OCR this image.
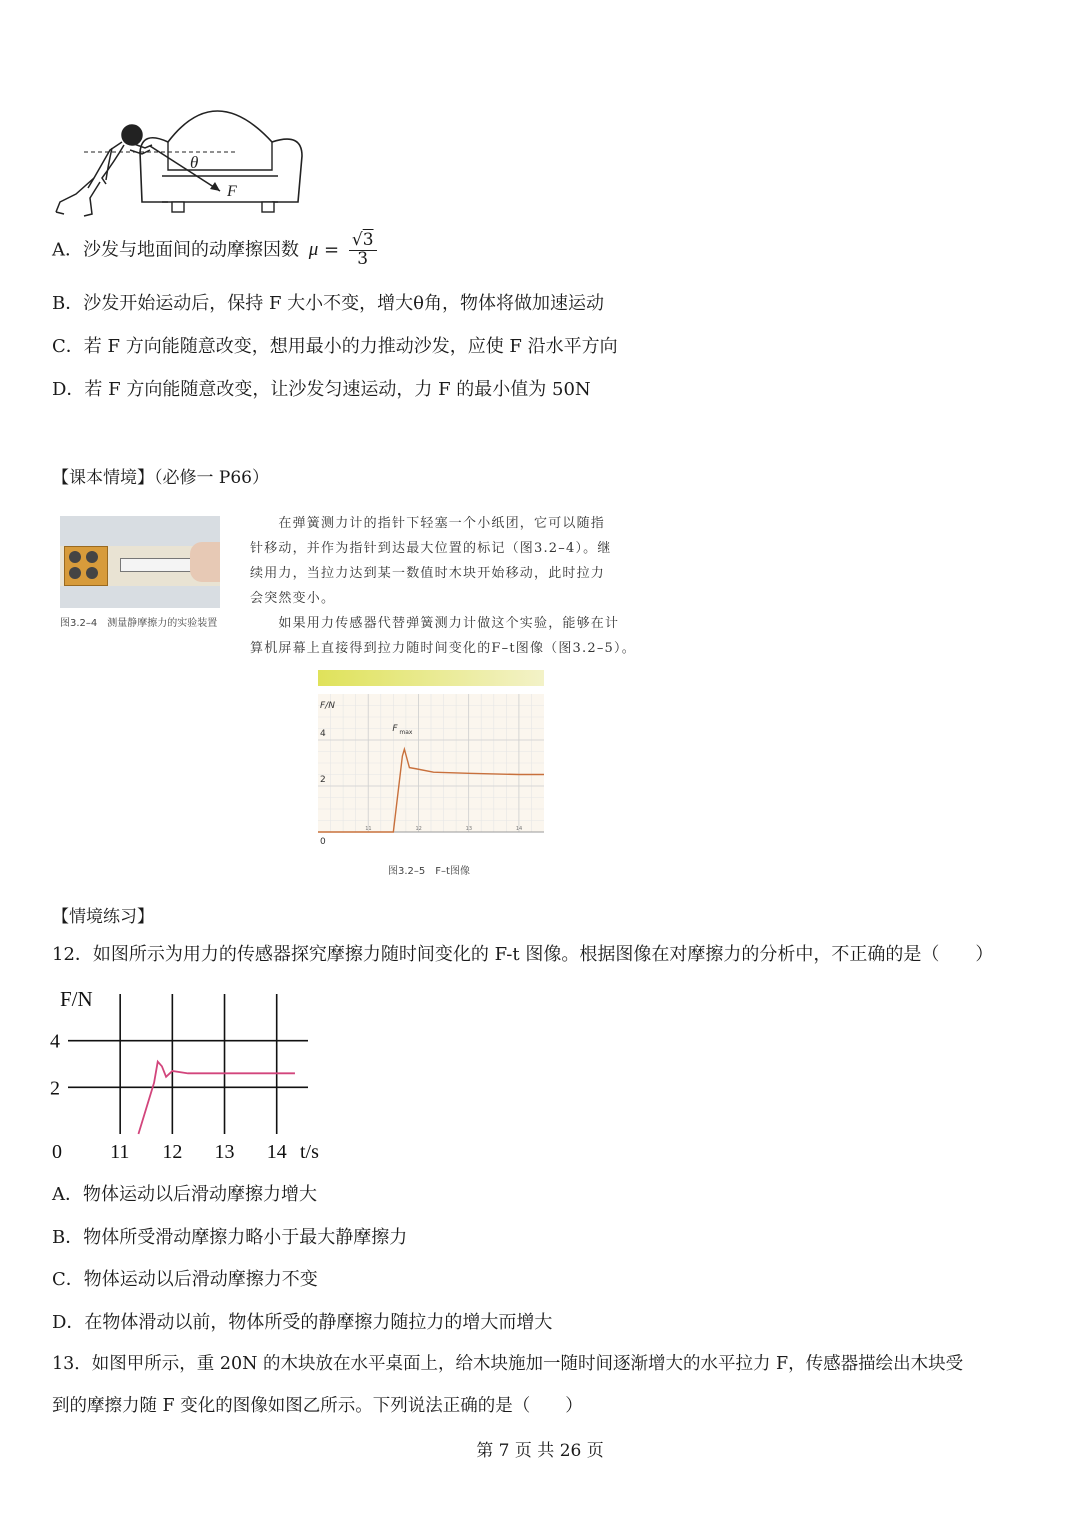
θ
F
A．沙发与地面间的动摩擦因数 $\mu = \frac{√3}{3}$
B．沙发开始运动后，保持 F 大小不变，增大θ角，物体将做加速运动
C．若 F 方向能随意改变，想用最小的力推动沙发，应使 F 沿水平方向
D．若 F 方向能随意改变，让沙发匀速运动，力 F 的最小值为 50N
【课本情境】（必修一 P66）
图3.2–4　测量静摩擦力的实验装置
　　在弹簧测力计的指针下轻塞一个小纸团，它可以随指
针移动，并作为指针到达最大位置的标记（图3.2–4）。继
续用力，当拉力达到某一数值时木块开始移动，此时拉力
会突然变小。
　　如果用力传感器代替弹簧测力计做这个实验，能够在计
算机屏幕上直接得到拉力随时间变化的F–t图像（图3.2–5）。
F/N
0
2
4
11	12	13	14
F max
图3.2–5　F–t图像
【情境练习】
12．如图所示为用力的传感器探究摩擦力随时间变化的 F-t 图像。根据图像在对摩擦力的分析中，不正确的是（　　）
F/N
4
2
0 11 12 13 14 t/s
A．物体运动以后滑动摩擦力增大
B．物体所受滑动摩擦力略小于最大静摩擦力
C．物体运动以后滑动摩擦力不变
D．在物体滑动以前，物体所受的静摩擦力随拉力的增大而增大
13．如图甲所示，重 20N 的木块放在水平桌面上，给木块施加一随时间逐渐增大的水平拉力 F，传感器描绘出木块受
到的摩擦力随 F 变化的图像如图乙所示。下列说法正确的是（　　）
第 7 页 共 26 页
